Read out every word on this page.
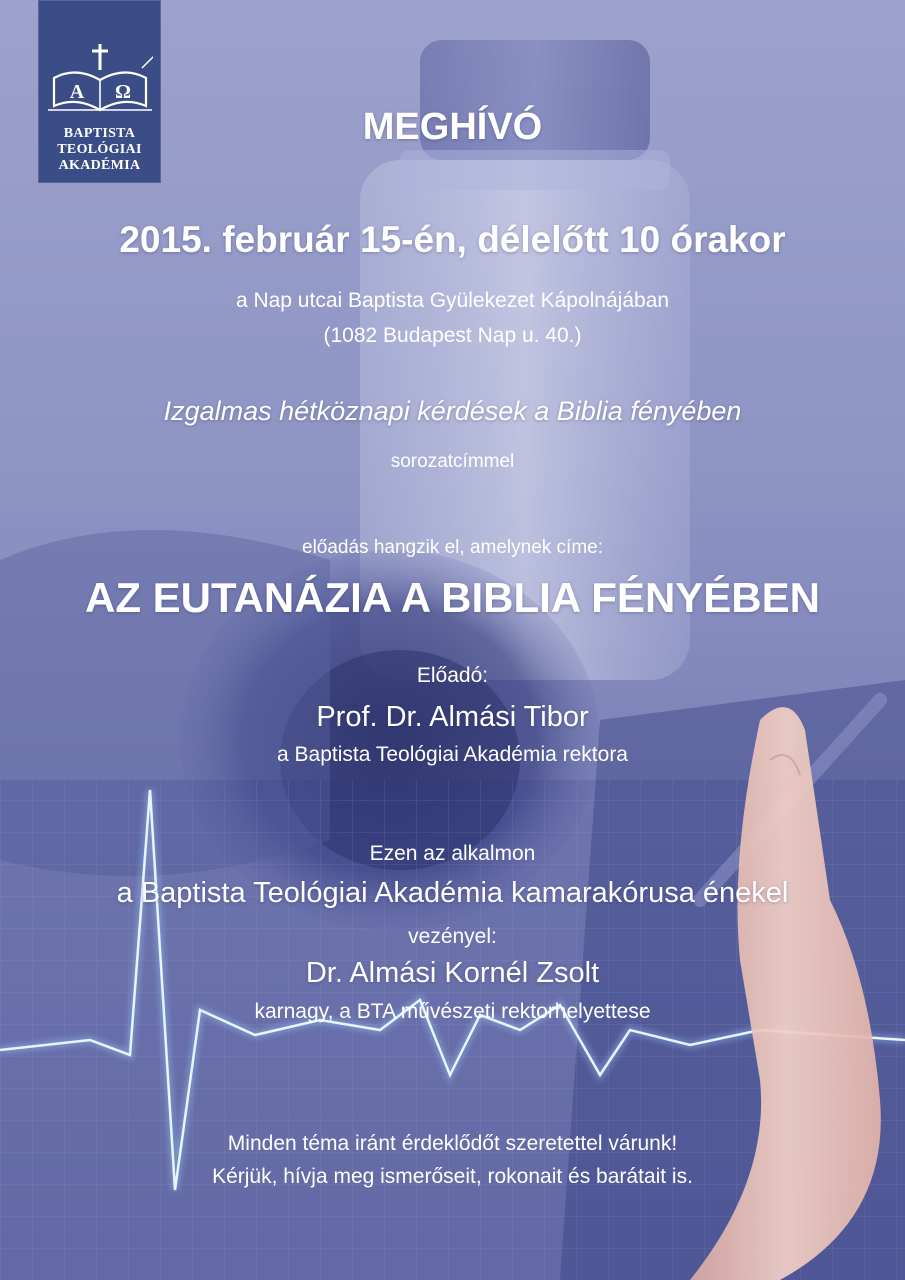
A Ω
BAPTISTA
TEOLÓGIAI
AKADÉMIA
MEGHÍVÓ
2015. február 15-én, délelőtt 10 órakor
a Nap utcai Baptista Gyülekezet Kápolnájában
(1082 Budapest Nap u. 40.)
Izgalmas hétköznapi kérdések a Biblia fényében
sorozatcímmel
előadás hangzik el, amelynek címe:
AZ EUTANÁZIA A BIBLIA FÉNYÉBEN
Előadó:
Prof. Dr. Almási Tibor
a Baptista Teológiai Akadémia rektora
Ezen az alkalmon
a Baptista Teológiai Akadémia kamarakórusa énekel
vezényel:
Dr. Almási Kornél Zsolt
karnagy, a BTA művészeti rektorhelyettese
Minden téma iránt érdeklődőt szeretettel várunk!
Kérjük, hívja meg ismerőseit, rokonait és barátait is.
